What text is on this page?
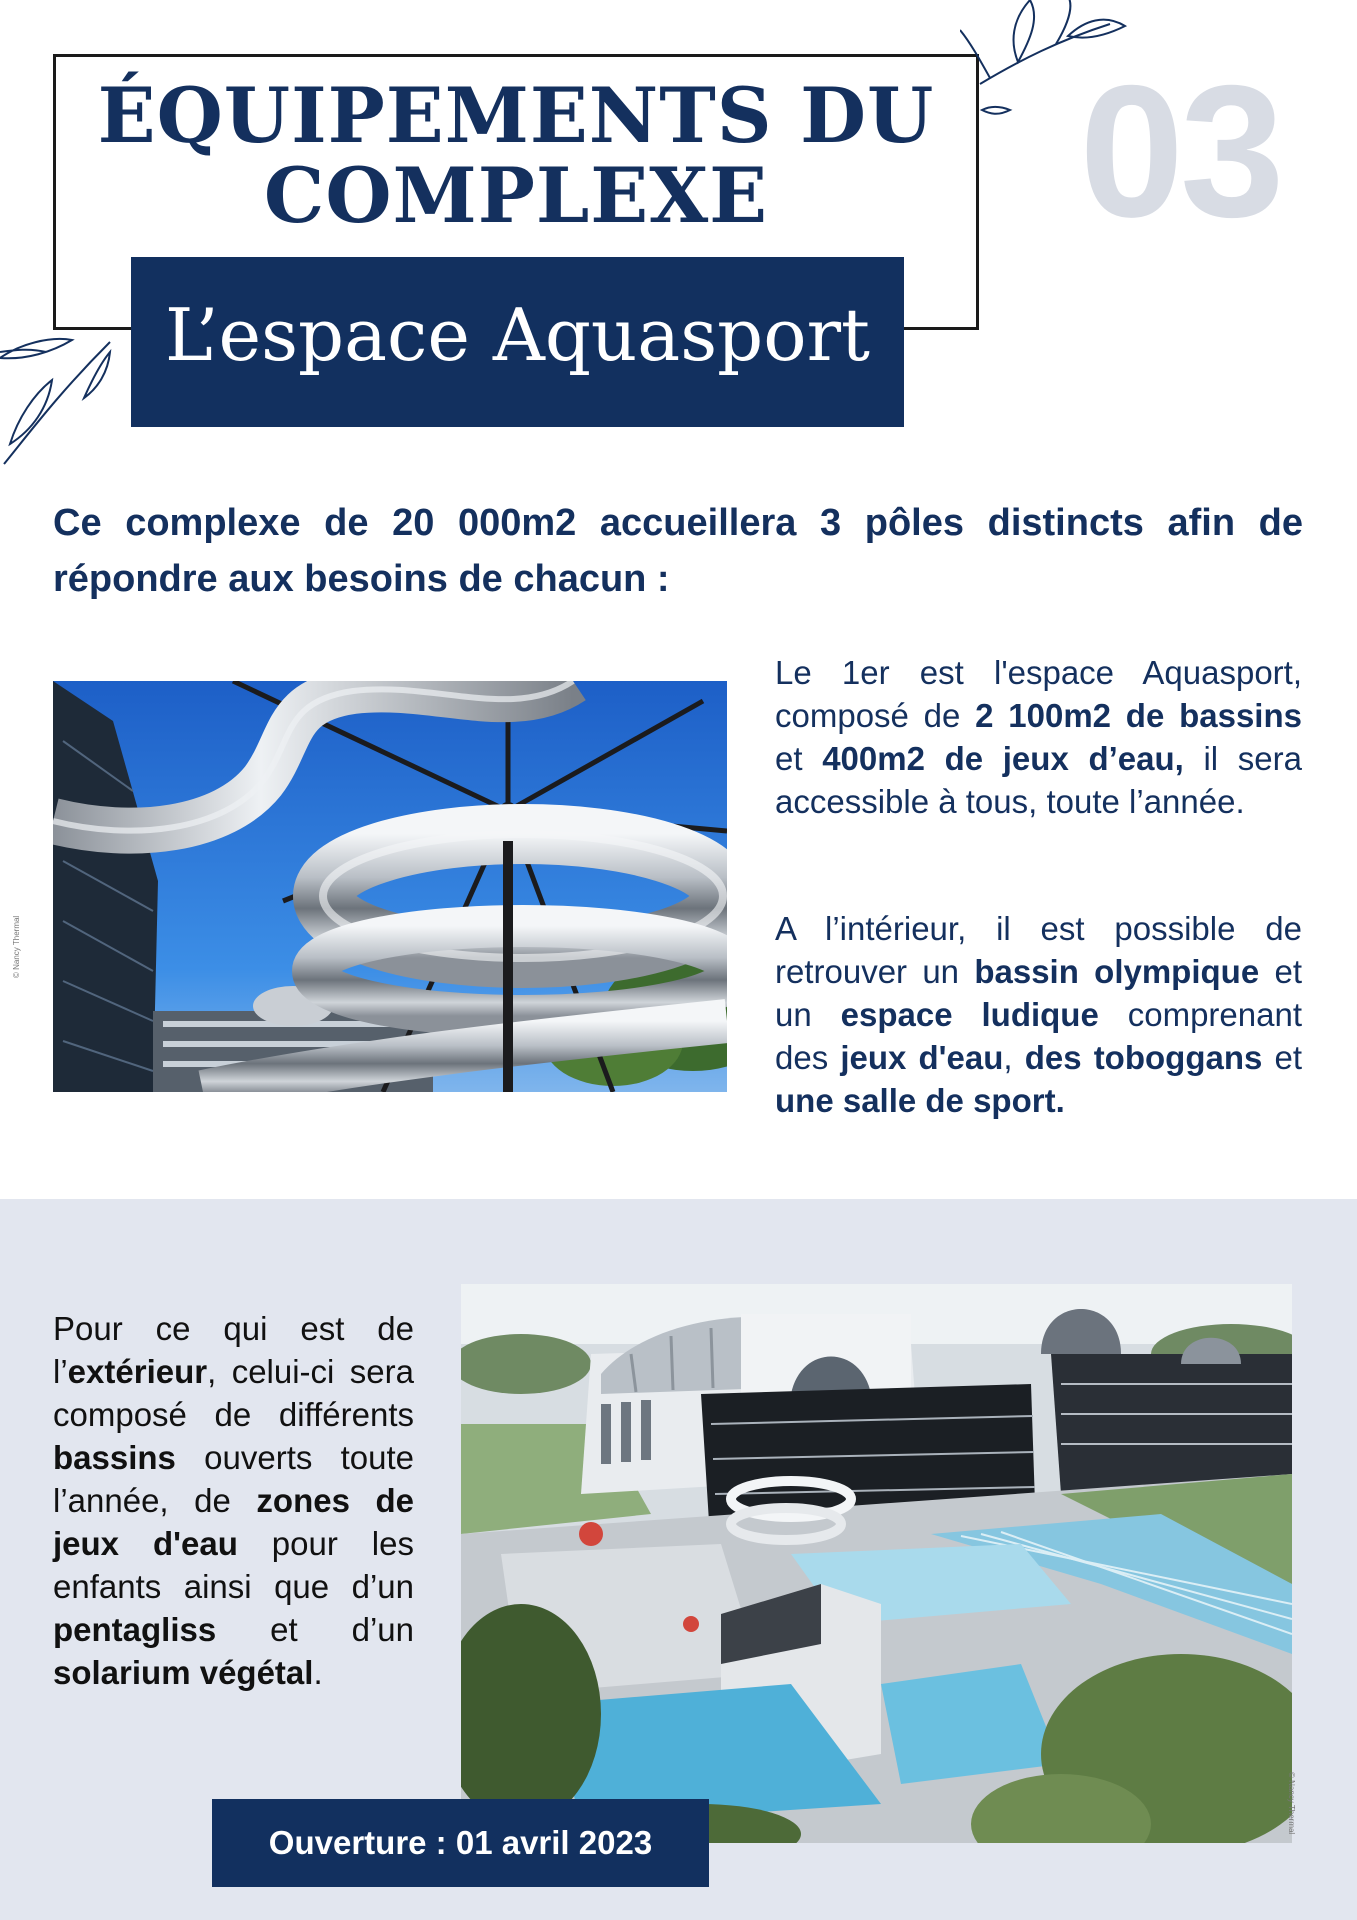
ÉQUIPEMENTS DU COMPLEXE
L’espace Aquasport
03
Ce complexe de 20 000m2 accueillera 3 pôles distincts afin de répondre aux besoins de chacun :
© Nancy Thermal

Le 1er est l'espace Aquasport, composé de 2 100m2 de bassins et 400m2 de jeux d’eau, il sera accessible à tous, toute l’année.

A l’intérieur, il est possible de retrouver un bassin olympique et un espace ludique comprenant des jeux d'eau, des toboggans et une salle de sport.

Pour ce qui est de l’extérieur, celui-ci sera composé de différents bassins ouverts toute l’année, de zones de jeux d'eau pour les enfants ainsi que d’un pentagliss et d’un solarium végétal.

© Nancy Thermal
Ouverture : 01 avril 2023
